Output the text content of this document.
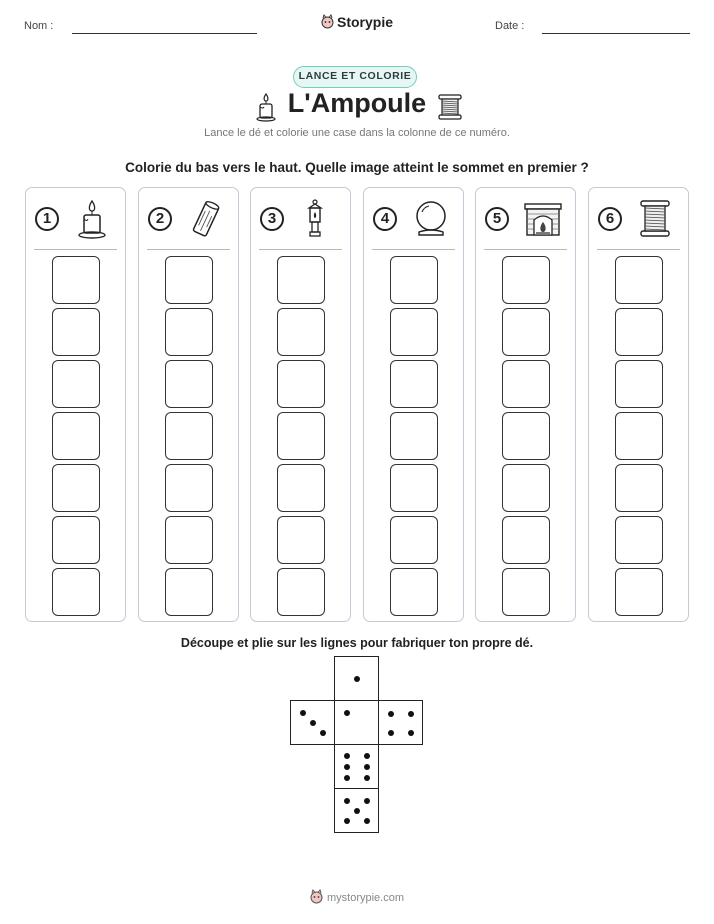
Nom :	Storypie	Date :
LANCE ET COLORIE
L'Ampoule
Lance le dé et colorie une case dans la colonne de ce numéro.
Colorie du bas vers le haut. Quelle image atteint le sommet en premier ?
1	2	3	4	5	6
Découpe et plie sur les lignes pour fabriquer ton propre dé.
mystorypie.com
